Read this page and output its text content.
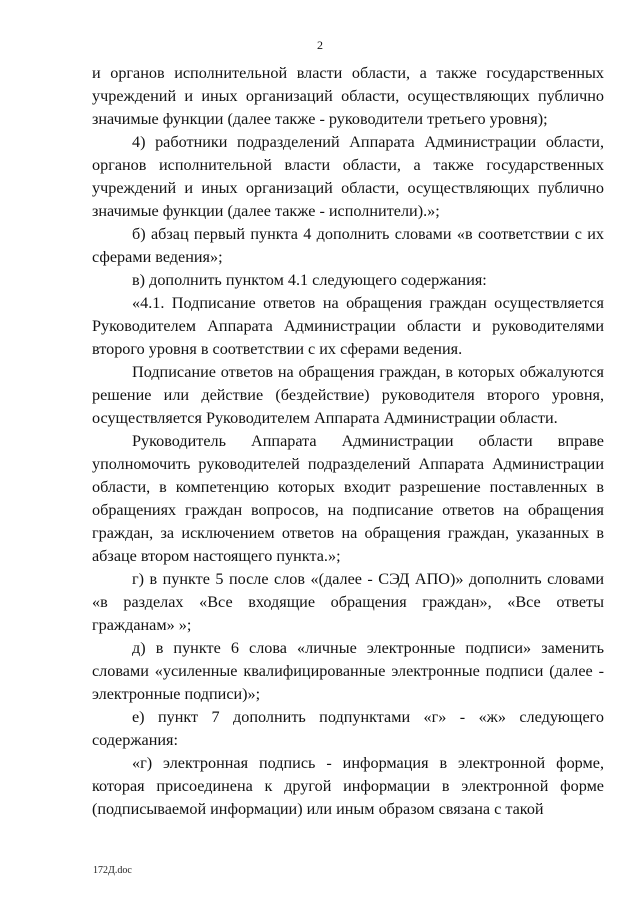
2

и органов исполнительной власти области, а также государственных учреждений и иных организаций области, осуществляющих публично значимые функции (далее также - руководители третьего уровня);

4) работники подразделений Аппарата Администрации области, органов исполнительной власти области, а также государственных учреждений и иных организаций области, осуществляющих публично значимые функции (далее также - исполнители).»;

б) абзац первый пункта 4 дополнить словами «в соответствии с их сферами ведения»;

в) дополнить пунктом 4.1 следующего содержания:

«4.1. Подписание ответов на обращения граждан осуществляется Руководителем Аппарата Администрации области и руководителями второго уровня в соответствии с их сферами ведения.

Подписание ответов на обращения граждан, в которых обжалуются решение или действие (бездействие) руководителя второго уровня, осуществляется Руководителем Аппарата Администрации области.

Руководитель Аппарата Администрации области вправе уполномочить руководителей подразделений Аппарата Администрации области, в компетенцию которых входит разрешение поставленных в обращениях граждан вопросов, на подписание ответов на обращения граждан, за исключением ответов на обращения граждан, указанных в абзаце втором настоящего пункта.»;

г) в пункте 5 после слов «(далее - СЭД АПО)» дополнить словами «в разделах «Все входящие обращения граждан», «Все ответы гражданам» »;

д) в пункте 6 слова «личные электронные подписи» заменить словами «усиленные квалифицированные электронные подписи (далее - электронные подписи)»;

е) пункт 7 дополнить подпунктами «г» - «ж» следующего содержания:

«г) электронная подпись - информация в электронной форме, которая присоединена к другой информации в электронной форме (подписываемой информации) или иным образом связана с такой

172Д.doc
